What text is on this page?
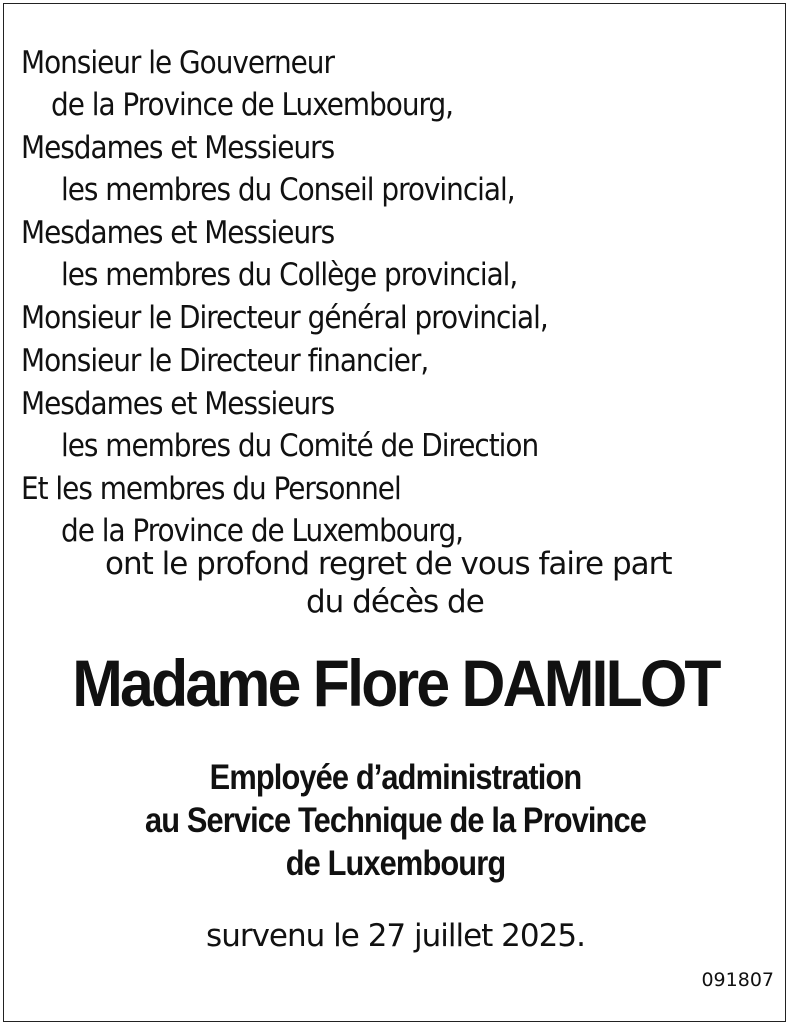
Monsieur le Gouverneur
de la Province de Luxembourg,
Mesdames et Messieurs
les membres du Conseil provincial,
Mesdames et Messieurs
les membres du Collège provincial,
Monsieur le Directeur général provincial,
Monsieur le Directeur financier,
Mesdames et Messieurs
les membres du Comité de Direction
Et les membres du Personnel
de la Province de Luxembourg,
ont le profond regret de vous faire part
du décès de
Madame Flore DAMILOT
Employée d’administration
au Service Technique de la Province
de Luxembourg
survenu le 27 juillet 2025.
091807
